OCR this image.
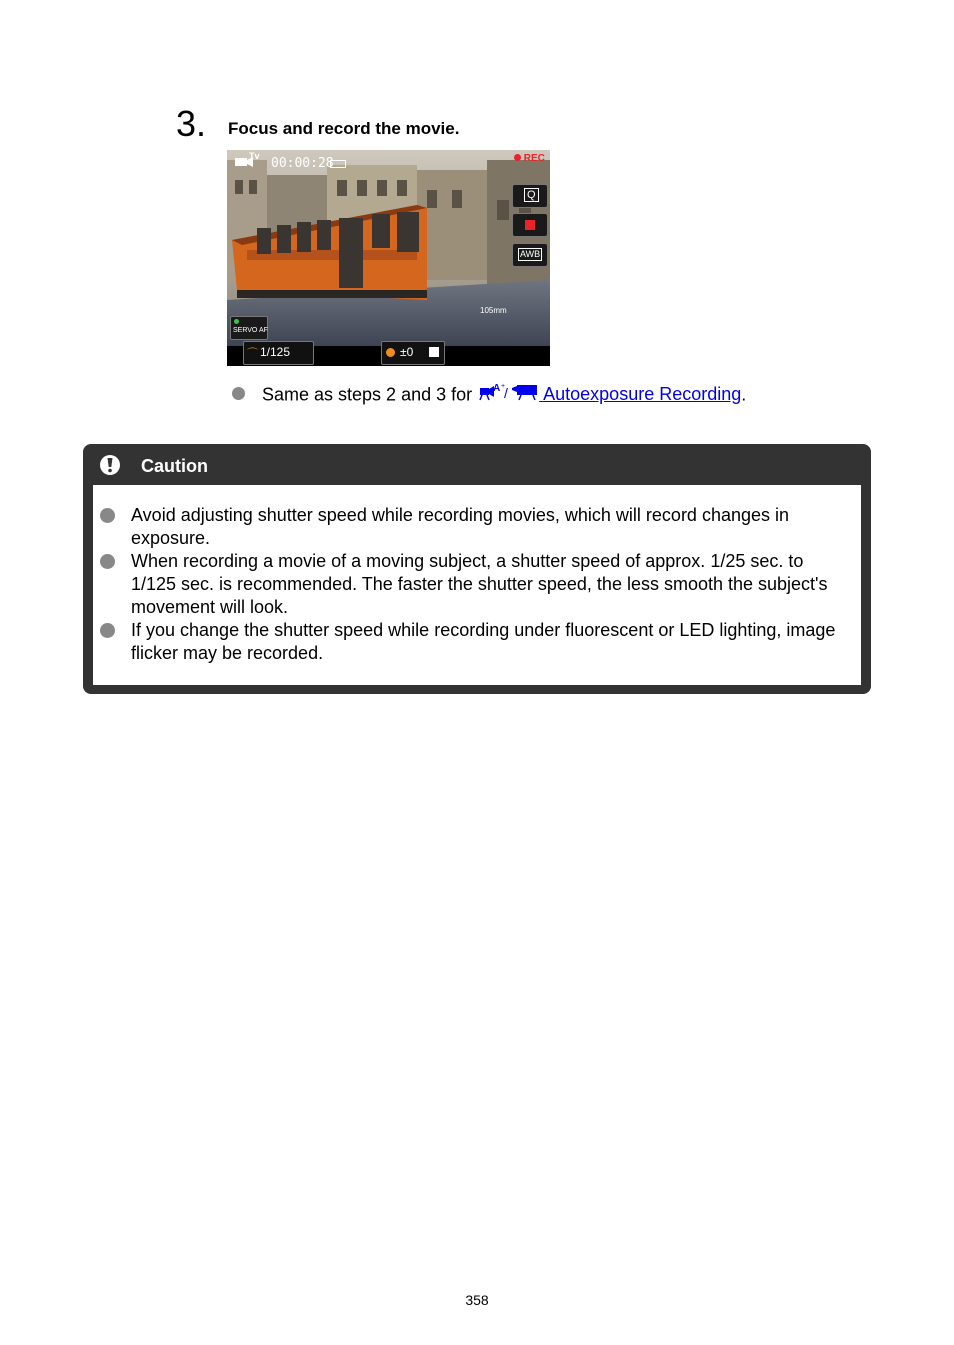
3. Focus and record the movie.
Tv 00:00:28	REC
Q
AWB
SERVO AF
105mm
⌒ 1/125	±0
Same as steps 2 and 3 for A +
/ Autoexposure Recording.
Caution
Avoid adjusting shutter speed while recording movies, which will record changes in exposure.
When recording a movie of a moving subject, a shutter speed of approx. 1/25 sec. to 1/125 sec. is recommended. The faster the shutter speed, the less smooth the subject's movement will look.
If you change the shutter speed while recording under fluorescent or LED lighting, image flicker may be recorded.
358
